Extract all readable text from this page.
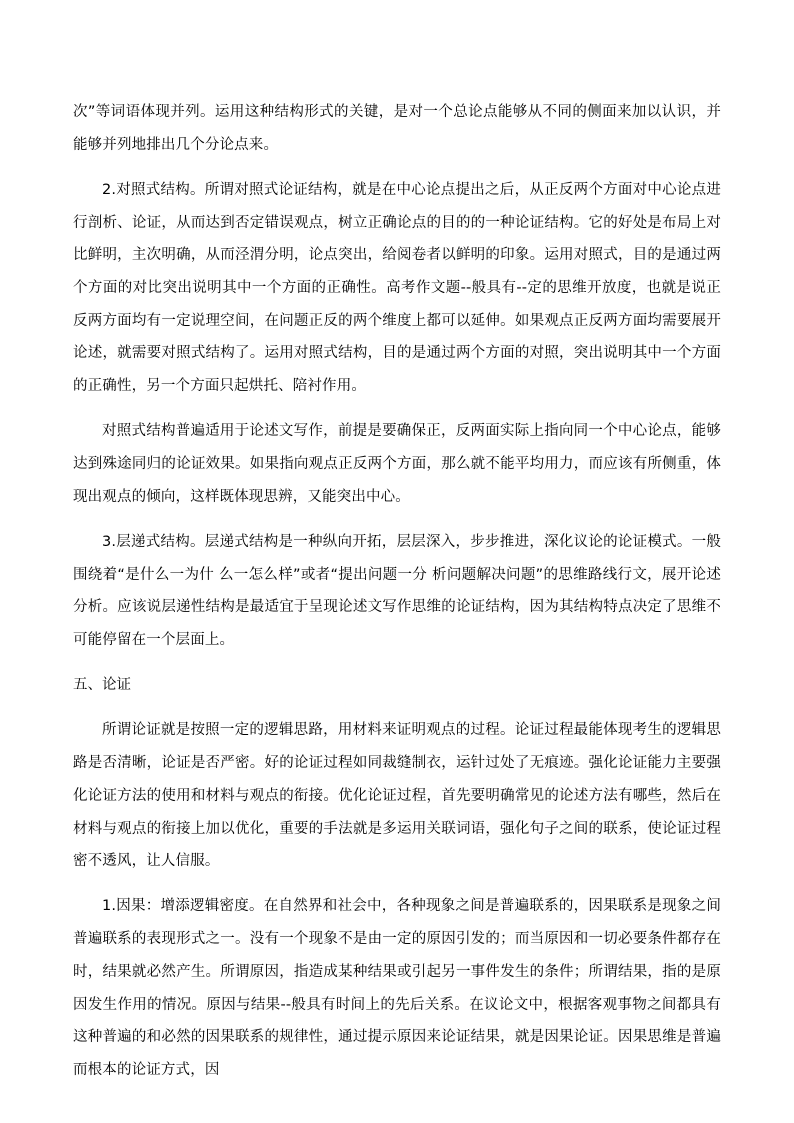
次”等词语体现并列。运用这种结构形式的关键，是对一个总论点能够从不同的侧面来加以认识，并能够并列地排出几个分论点来。

2.对照式结构。所谓对照式论证结构，就是在中心论点提出之后，从正反两个方面对中心论点进行剖析、论证，从而达到否定错误观点，树立正确论点的目的的一种论证结构。它的好处是布局上对比鲜明，主次明确，从而泾渭分明，论点突出，给阅卷者以鲜明的印象。运用对照式，目的是通过两个方面的对比突出说明其中一个方面的正确性。高考作文题--般具有--定的思维开放度，也就是说正反两方面均有一定说理空间，在问题正反的两个维度上都可以延伸。如果观点正反两方面均需要展开论述，就需要对照式结构了。运用对照式结构，目的是通过两个方面的对照，突出说明其中一个方面的正确性，另一个方面只起烘托、陪衬作用。

对照式结构普遍适用于论述文写作，前提是要确保正，反两面实际上指向同一个中心论点，能够达到殊途同归的论证效果。如果指向观点正反两个方面，那么就不能平均用力，而应该有所侧重，体现出观点的倾向，这样既体现思辨，又能突出中心。

3.层递式结构。层递式结构是一种纵向开拓，层层深入，步步推进，深化议论的论证模式。一般围绕着“是什么一为什 么一怎么样”或者“提出问题一分 析问题解决问题”的思维路线行文，展开论述分析。应该说层递性结构是最适宜于呈现论述文写作思维的论证结构，因为其结构特点决定了思维不可能停留在一个层面上。

五、论证

所谓论证就是按照一定的逻辑思路，用材料来证明观点的过程。论证过程最能体现考生的逻辑思路是否清晰，论证是否严密。好的论证过程如同裁缝制衣，运针过处了无痕迹。强化论证能力主要强化论证方法的使用和材料与观点的衔接。优化论证过程，首先要明确常见的论述方法有哪些，然后在材料与观点的衔接上加以优化，重要的手法就是多运用关联词语，强化句子之间的联系，使论证过程密不透风，让人信服。

1.因果：增添逻辑密度。在自然界和社会中，各种现象之间是普遍联系的，因果联系是现象之间普遍联系的表现形式之一。没有一个现象不是由一定的原因引发的；而当原因和一切必要条件都存在时，结果就必然产生。所谓原因，指造成某种结果或引起另一事件发生的条件；所谓结果，指的是原因发生作用的情况。原因与结果--般具有时间上的先后关系。在议论文中，根据客观事物之间都具有这种普遍的和必然的因果联系的规律性，通过提示原因来论证结果，就是因果论证。因果思维是普遍而根本的论证方式，因
